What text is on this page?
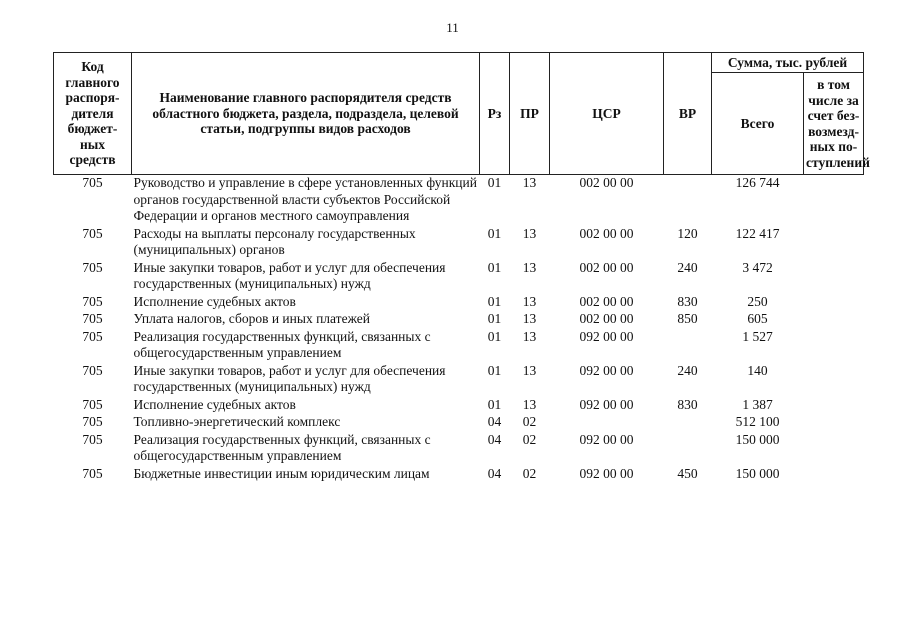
11
Код главного распоря-дителя бюджет-ных средств	Наименование главного распорядителя средств областного бюджета, раздела, подраздела, целевой статьи, подгруппы видов расходов	Рз	ПР	ЦСР	ВР	Сумма, тыс. рублей	
						Всего	в том числе за счет без-возмезд-ных по-ступлений
705	Руководство и управление в сфере установленных функций органов государственной власти субъектов Российской Федерации и органов местного самоуправления	01	13	002 00 00		126 744	
705	Расходы на выплаты персоналу государственных (муниципальных) органов	01	13	002 00 00	120	122 417	
705	Иные закупки товаров, работ и услуг для обеспечения государственных (муниципальных) нужд	01	13	002 00 00	240	3 472	
705	Исполнение судебных актов	01	13	002 00 00	830	250	
705	Уплата налогов, сборов и иных платежей	01	13	002 00 00	850	605	
705	Реализация государственных функций, связанных с общегосударственным управлением	01	13	092 00 00		1 527	
705	Иные закупки товаров, работ и услуг для обеспечения государственных (муниципальных) нужд	01	13	092 00 00	240	140	
705	Исполнение судебных актов	01	13	092 00 00	830	1 387	
705	Топливно-энергетический комплекс	04	02			512 100	
705	Реализация государственных функций, связанных с общегосударственным управлением	04	02	092 00 00		150 000	
705	Бюджетные инвестиции иным юридическим лицам	04	02	092 00 00	450	150 000	
